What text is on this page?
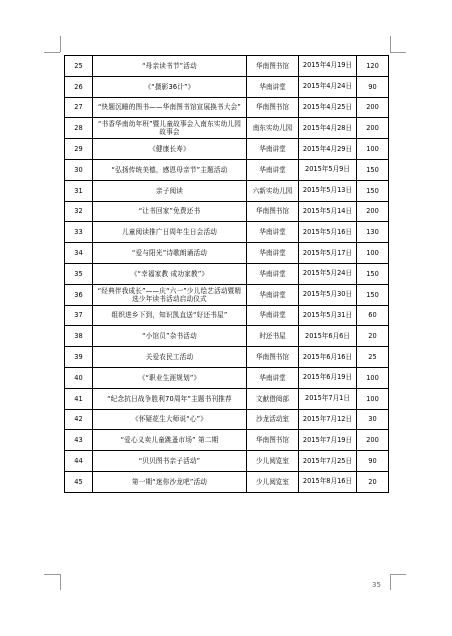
25	“母亲读书节”活动	华南图书馆	2015年4月19日	120
26	《“摄影36计”》	华南讲堂	2015年4月24日	90
27	“快题沉睡的图书——华南图书馆宣展换书大会”	华南图书馆	2015年4月25日	200
28	“书香华南幼年班”暨儿童故事会入南东实幼儿园故事会	南东实幼儿园	2015年4月28日	200
29	《健康长寿》	华南讲堂	2015年4月29日	100
30	“弘扬传统美德，感恩母亲节”主题活动	华南讲堂	2015年5月9日	150
31	亲子阅读	六新实幼儿园	2015年5月13日	150
32	“让书回家”免费还书	华南图书馆	2015年5月14日	200
33	儿童阅读推广日周年生日会活动	华南讲堂	2015年5月16日	130
34	“爱与阳光”诗歌朗诵活动	华南讲堂	2015年5月17日	100
35	《“幸福家教 成功家教”》	华南讲堂	2015年5月24日	150
36	“经典伴我成长”——庆“六一”少儿绘艺活动暨精选少年读书活动启动仪式	华南讲堂	2015年5月30日	150
37	组织进乡下到，知识凯直送“好还书屋”	华南讲堂	2015年5月31日	60
38	“小馆员”杂书活动	时还书屋	2015年6月6日	20
39	关爱农民工活动	华南图书馆	2015年6月16日	25
40	《“职业生涯规划”》	华南讲堂	2015年6月19日	100
41	“纪念抗日战争胜利70周年”主题书刊推荐	文献借阅部	2015年7月1日	100
42	《怀疑花生大师说“心”》	沙龙活动室	2015年7月12日	30
43	“爱心义卖儿童跳蚤市场” 第二期	华南图书馆	2015年7月19日	200
44	“贝贝图书亲子活动”	少儿阅览室	2015年7月25日	90
45	第一期“迷你沙龙吧”活动	少儿阅览室	2015年8月16日	20
35
